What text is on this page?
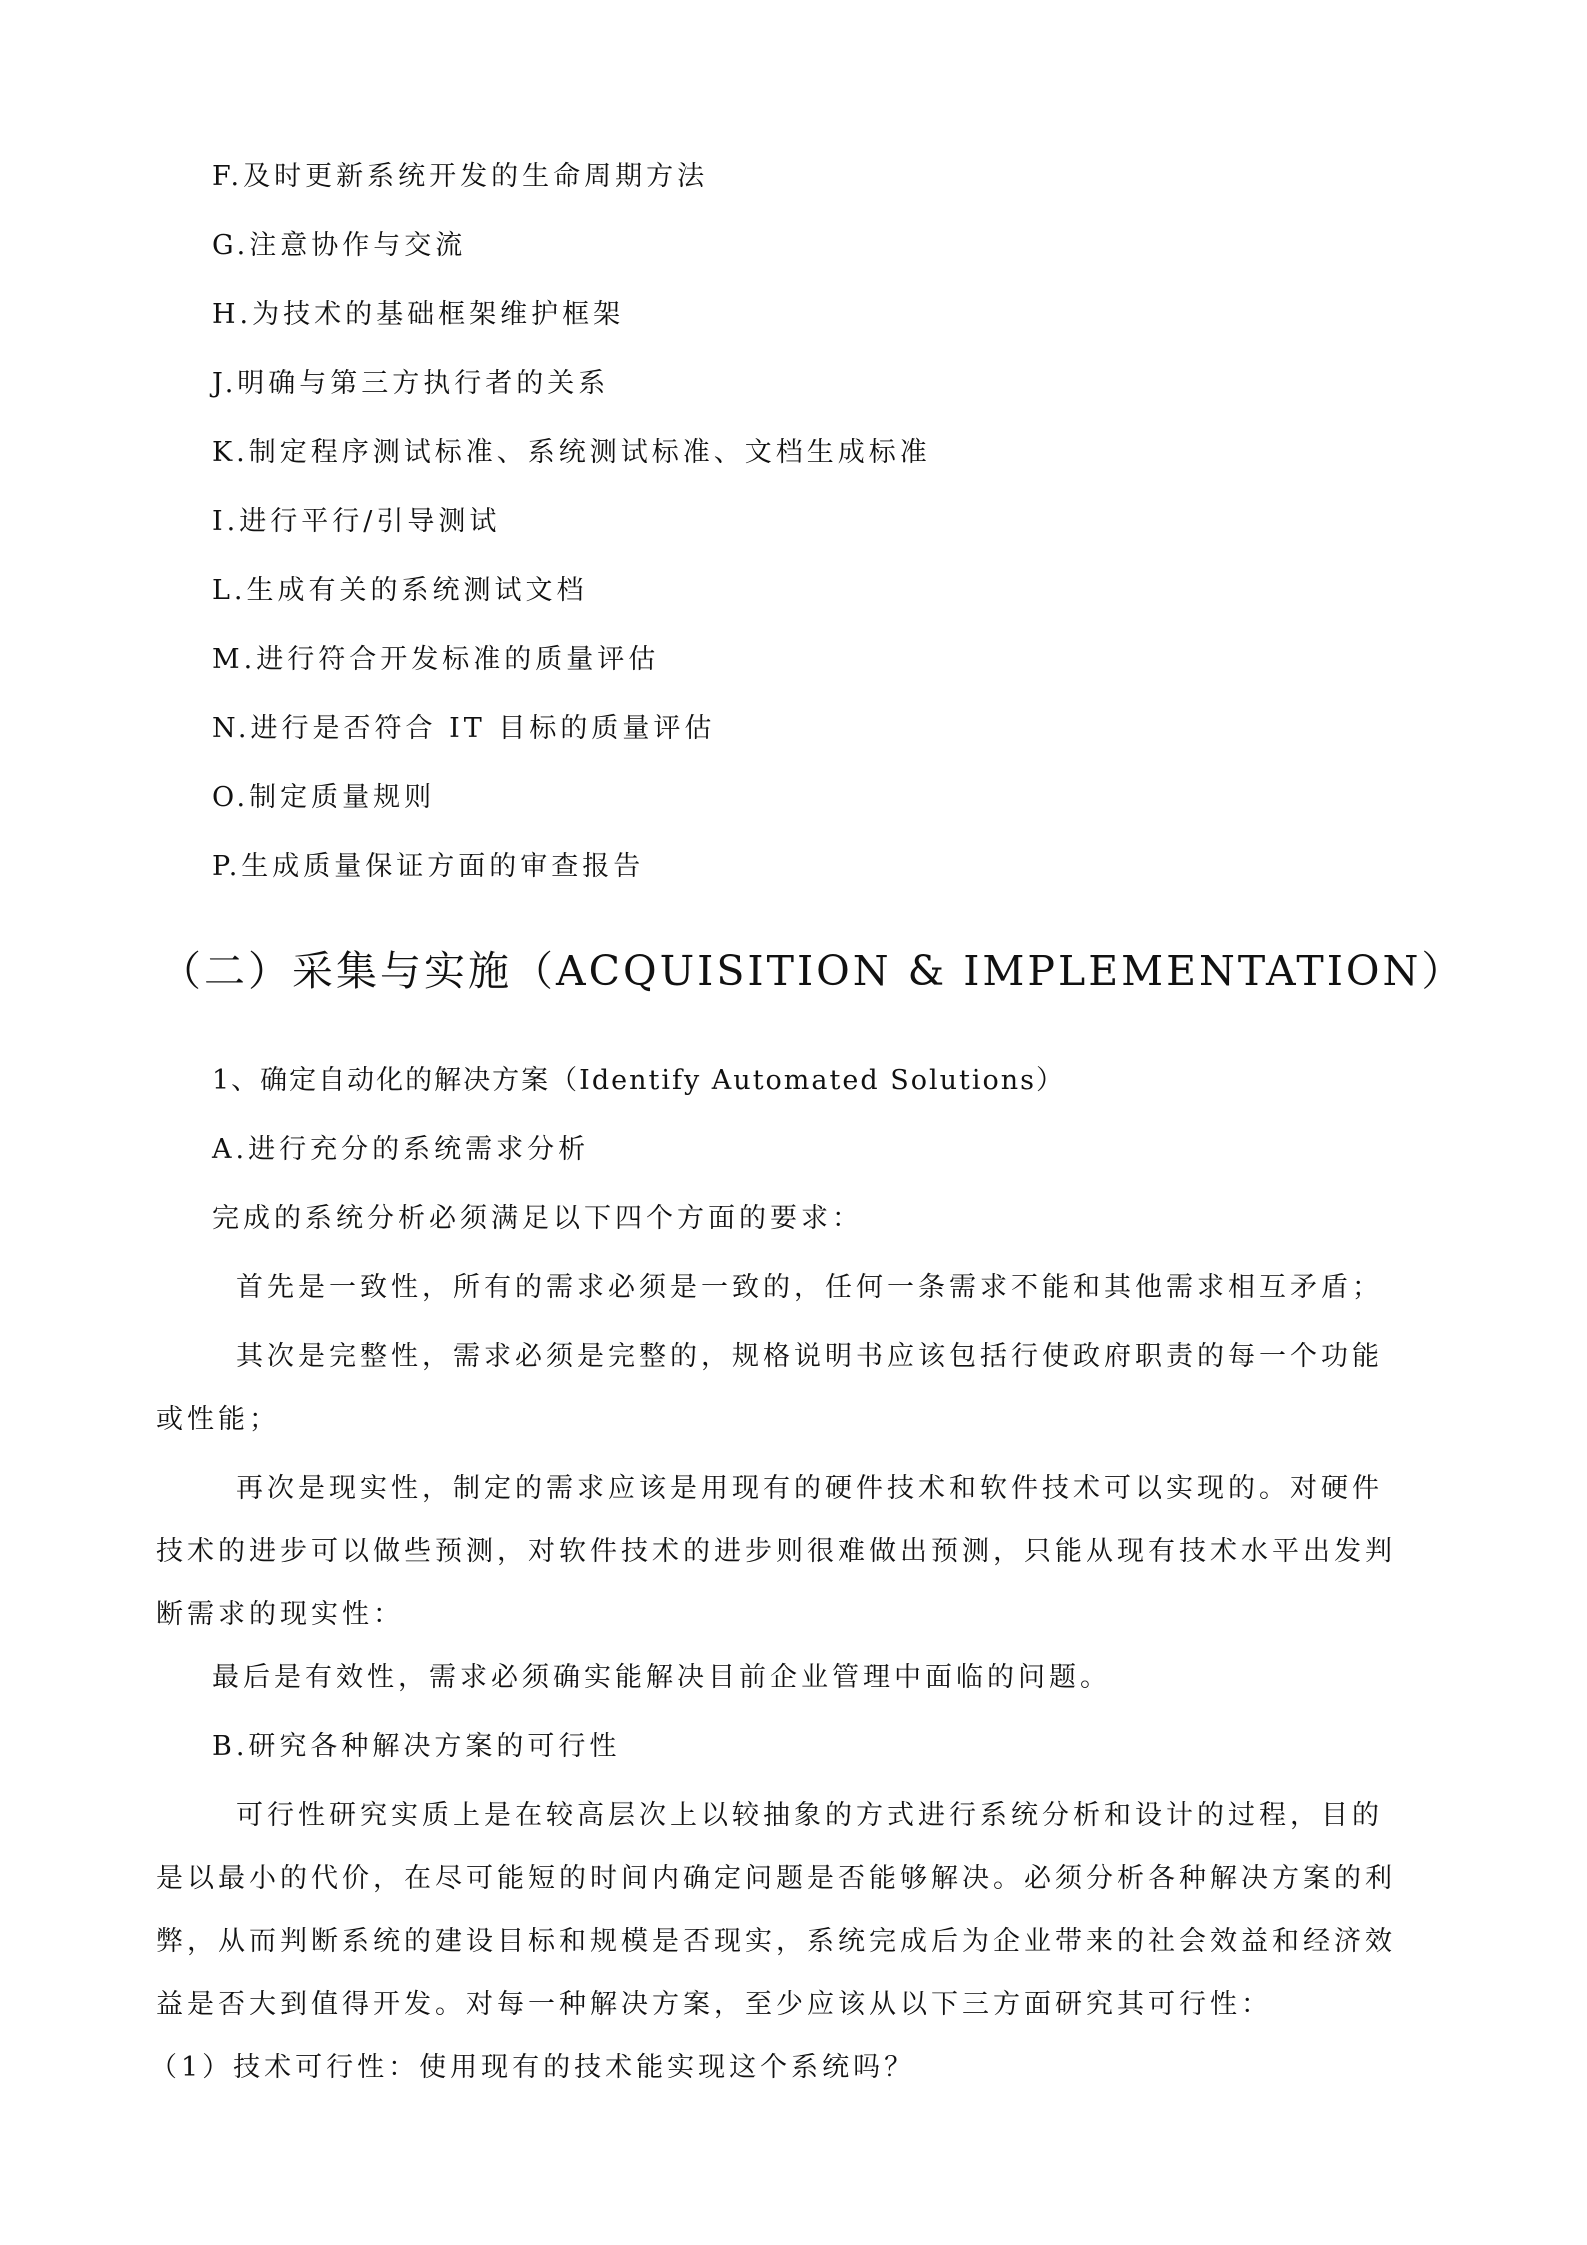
F.及时更新系统开发的生命周期方法
G.注意协作与交流
H.为技术的基础框架维护框架
J.明确与第三方执行者的关系
K.制定程序测试标准、系统测试标准、文档生成标准
I.进行平行/引导测试
L.生成有关的系统测试文档
M.进行符合开发标准的质量评估
N.进行是否符合 IT 目标的质量评估
O.制定质量规则
P.生成质量保证方面的审查报告
（二）采集与实施（ACQUISITION & IMPLEMENTATION）
1、确定自动化的解决方案（Identify Automated Solutions）
A.进行充分的系统需求分析
完成的系统分析必须满足以下四个方面的要求：
首先是一致性，所有的需求必须是一致的，任何一条需求不能和其他需求相互矛盾；
其次是完整性，需求必须是完整的，规格说明书应该包括行使政府职责的每一个功能
或性能；
再次是现实性，制定的需求应该是用现有的硬件技术和软件技术可以实现的。对硬件
技术的进步可以做些预测，对软件技术的进步则很难做出预测，只能从现有技术水平出发判
断需求的现实性：
最后是有效性，需求必须确实能解决目前企业管理中面临的问题。
B.研究各种解决方案的可行性
可行性研究实质上是在较高层次上以较抽象的方式进行系统分析和设计的过程，目的
是以最小的代价，在尽可能短的时间内确定问题是否能够解决。必须分析各种解决方案的利
弊，从而判断系统的建设目标和规模是否现实，系统完成后为企业带来的社会效益和经济效
益是否大到值得开发。对每一种解决方案，至少应该从以下三方面研究其可行性：
（1）技术可行性：使用现有的技术能实现这个系统吗？
